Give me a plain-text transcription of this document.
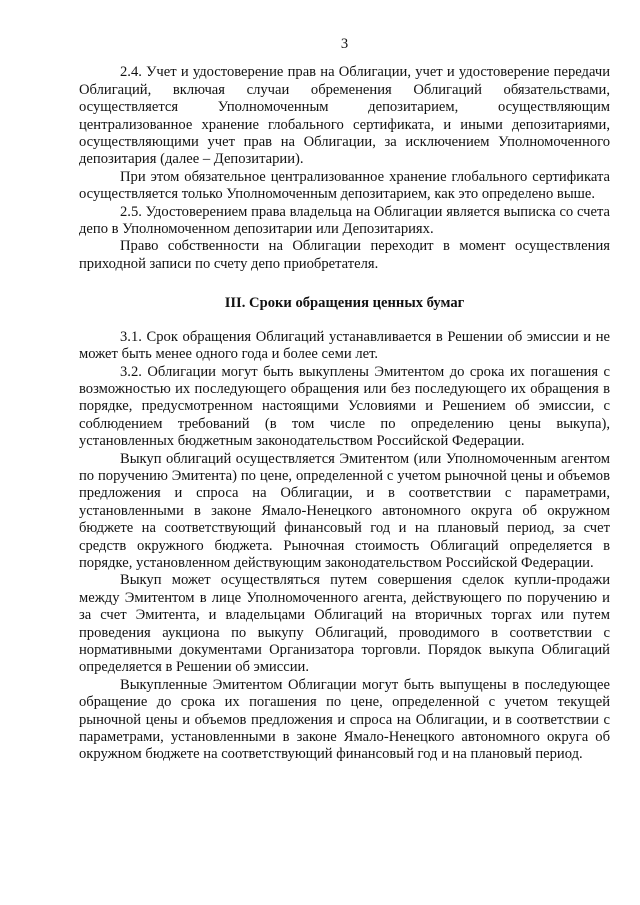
3

2.4. Учет и удостоверение прав на Облигации, учет и удостоверение передачи Облигаций, включая случаи обременения Облигаций обязательствами, осуществляется Уполномоченным депозитарием, осуществляющим централизованное хранение глобального сертификата, и иными депозитариями, осуществляющими учет прав на Облигации, за исключением Уполномоченного депозитария (далее – Депозитарии).

При этом обязательное централизованное хранение глобального сертификата осуществляется только Уполномоченным депозитарием, как это определено выше.

2.5. Удостоверением права владельца на Облигации является выписка со счета депо в Уполномоченном депозитарии или Депозитариях.

Право собственности на Облигации переходит в момент осуществления приходной записи по счету депо приобретателя.

III. Сроки обращения ценных бумаг

3.1. Срок обращения Облигаций устанавливается в Решении об эмиссии и не может быть менее одного года и более семи лет.

3.2. Облигации могут быть выкуплены Эмитентом до срока их погашения с возможностью их последующего обращения или без последующего их обращения в порядке, предусмотренном настоящими Условиями и Решением об эмиссии, с соблюдением требований (в том числе по определению цены выкупа), установленных бюджетным законодательством Российской Федерации.

Выкуп облигаций осуществляется Эмитентом (или Уполномоченным агентом по поручению Эмитента) по цене, определенной с учетом рыночной цены и объемов предложения и спроса на Облигации, и в соответствии с параметрами, установленными в законе Ямало-Ненецкого автономного округа об окружном бюджете на соответствующий финансовый год и на плановый период, за счет средств окружного бюджета. Рыночная стоимость Облигаций определяется в порядке, установленном действующим законодательством Российской Федерации.

Выкуп может осуществляться путем совершения сделок купли-продажи между Эмитентом в лице Уполномоченного агента, действующего по поручению и за счет Эмитента, и владельцами Облигаций на вторичных торгах или путем проведения аукциона по выкупу Облигаций, проводимого в соответствии с нормативными документами Организатора торговли. Порядок выкупа Облигаций определяется в Решении об эмиссии.

Выкупленные Эмитентом Облигации могут быть выпущены в последующее обращение до срока их погашения по цене, определенной с учетом текущей рыночной цены и объемов предложения и спроса на Облигации, и в соответствии с параметрами, установленными в законе Ямало-Ненецкого автономного округа об окружном бюджете на соответствующий финансовый год и на плановый период.
